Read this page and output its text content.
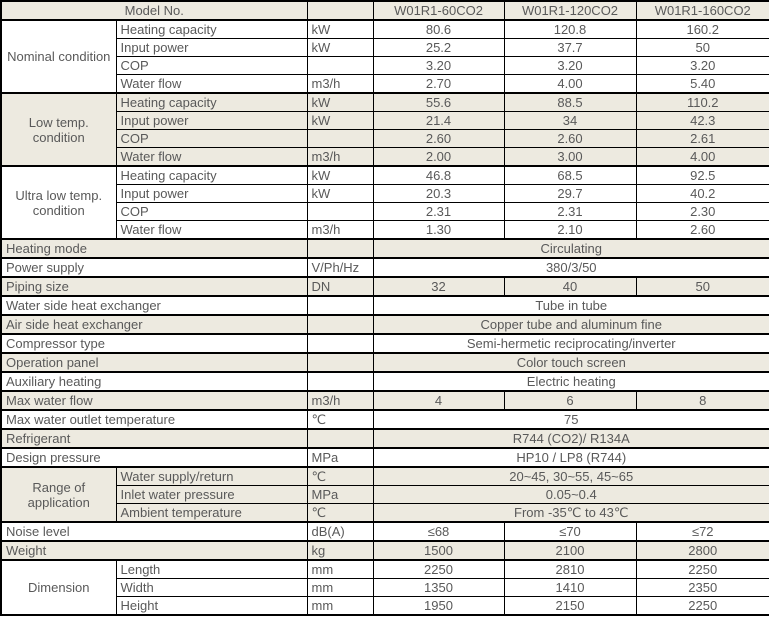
Model No.			W01R1-60CO2	W01R1-120CO2	W01R1-160CO2
Nominal condition	Heating capacity	kW	80.6	120.8	160.2
	Input power	kW	25.2	37.7	50
	COP		3.20	3.20	3.20
	Water flow	m3/h	2.70	4.00	5.40
Low temp. condition	Heating capacity	kW	55.6	88.5	110.2
	Input power	kW	21.4	34	42.3
	COP		2.60	2.60	2.61
	Water flow	m3/h	2.00	3.00	4.00
Ultra low temp. condition	Heating capacity	kW	46.8	68.5	92.5
	Input power	kW	20.3	29.7	40.2
	COP		2.31	2.31	2.30
	Water flow	m3/h	1.30	2.10	2.60
Heating mode			Circulating		
Power supply		V/Ph/Hz	380/3/50		
Piping size		DN	32	40	50
Water side heat exchanger			Tube in tube		
Air side heat exchanger			Copper tube and aluminum fine		
Compressor type			Semi-hermetic reciprocating/inverter		
Operation panel			Color touch screen		
Auxiliary heating			Electric heating		
Max water flow		m3/h	4	6	8
Max water outlet temperature		℃	75		
Refrigerant			R744 (CO2)/ R134A		
Design pressure		MPa	HP10 / LP8 (R744)		
Range of application	Water supply/return	℃	20~45, 30~55, 45~65		
	Inlet water pressure	MPa	0.05~0.4		
	Ambient temperature	℃	From -35℃ to 43℃		
Noise level		dB(A)	≤68	≤70	≤72
Weight		kg	1500	2100	2800
Dimension	Length	mm	2250	2810	2250
	Width	mm	1350	1410	2350
	Height	mm	1950	2150	2250
